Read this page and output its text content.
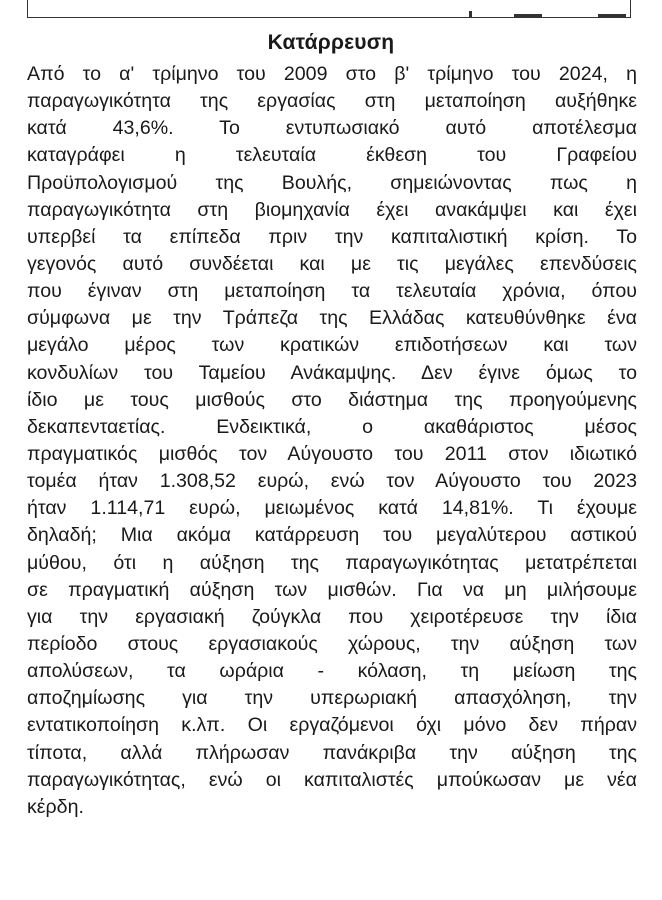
Κατάρρευση
Από το α' τρίμηνο του 2009 στο β' τρίμηνο του 2024, η
παραγωγικότητα της εργασίας στη μεταποίηση αυξήθηκε
κατά 43,6%. Το εντυπωσιακό αυτό αποτέλεσμα
καταγράφει η τελευταία έκθεση του Γραφείου
Προϋπολογισμού της Βουλής, σημειώνοντας πως η
παραγωγικότητα στη βιομηχανία έχει ανακάμψει και έχει
υπερβεί τα επίπεδα πριν την καπιταλιστική κρίση. Το
γεγονός αυτό συνδέεται και με τις μεγάλες επενδύσεις
που έγιναν στη μεταποίηση τα τελευταία χρόνια, όπου
σύμφωνα με την Τράπεζα της Ελλάδας κατευθύνθηκε ένα
μεγάλο μέρος των κρατικών επιδοτήσεων και των
κονδυλίων του Ταμείου Ανάκαμψης. Δεν έγινε όμως το
ίδιο με τους μισθούς στο διάστημα της προηγούμενης
δεκαπενταετίας. Ενδεικτικά, ο ακαθάριστος μέσος
πραγματικός μισθός τον Αύγουστο του 2011 στον ιδιωτικό
τομέα ήταν 1.308,52 ευρώ, ενώ τον Αύγουστο του 2023
ήταν 1.114,71 ευρώ, μειωμένος κατά 14,81%. Τι έχουμε
δηλαδή; Μια ακόμα κατάρρευση του μεγαλύτερου αστικού
μύθου, ότι η αύξηση της παραγωγικότητας μετατρέπεται
σε πραγματική αύξηση των μισθών. Για να μη μιλήσουμε
για την εργασιακή ζούγκλα που χειροτέρευσε την ίδια
περίοδο στους εργασιακούς χώρους, την αύξηση των
απολύσεων, τα ωράρια - κόλαση, τη μείωση της
αποζημίωσης για την υπερωριακή απασχόληση, την
εντατικοποίηση κ.λπ. Οι εργαζόμενοι όχι μόνο δεν πήραν
τίποτα, αλλά πλήρωσαν πανάκριβα την αύξηση της
παραγωγικότητας, ενώ οι καπιταλιστές μπούκωσαν με νέα
κέρδη.
